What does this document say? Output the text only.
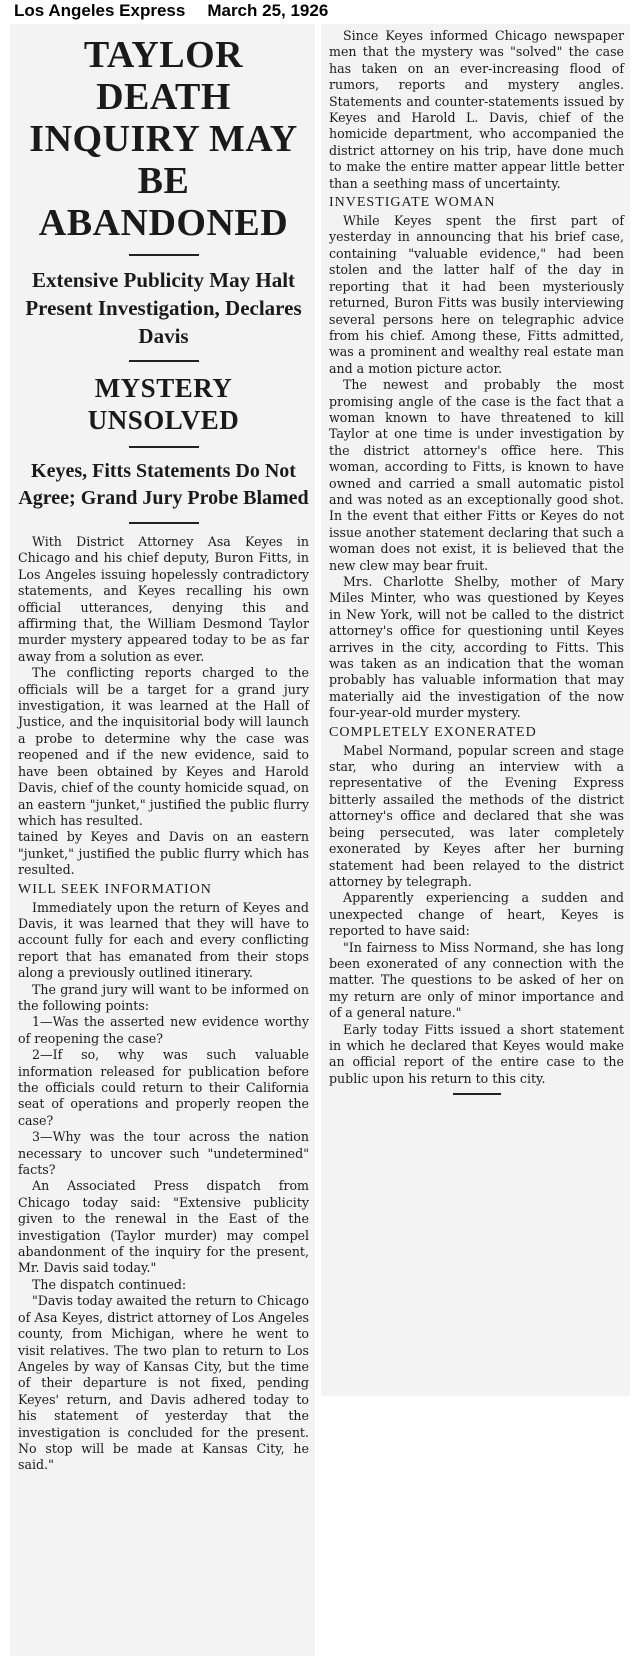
Los Angeles Express March 25, 1926
TAYLOR DEATH INQUIRY MAY BE ABANDONED
Extensive Publicity May Halt Present Investigation, Declares Davis
MYSTERY UNSOLVED
Keyes, Fitts Statements Do Not Agree; Grand Jury Probe Blamed

With District Attorney Asa Keyes in Chicago and his chief deputy, Buron Fitts, in Los Angeles issuing hopelessly contradictory statements, and Keyes recalling his own official utterances, denying this and affirming that, the William Desmond Taylor murder mystery appeared today to be as far away from a solution as ever.

The conflicting reports charged to the officials will be a target for a grand jury investigation, it was learned at the Hall of Justice, and the inquisitorial body will launch a probe to determine why the case was reopened and if the new evidence, said to have been obtained by Keyes and Harold Davis, chief of the county homicide squad, on an eastern "junket," justified the public flurry which has resulted.

tained by Keyes and Davis on an eastern "junket," justified the public flurry which has resulted.

WILL SEEK INFORMATION

Immediately upon the return of Keyes and Davis, it was learned that they will have to account fully for each and every conflicting report that has emanated from their stops along a previously outlined itinerary.

The grand jury will want to be informed on the following points:

1—Was the asserted new evidence worthy of reopening the case?

2—If so, why was such valuable information released for publication before the officials could return to their California seat of operations and properly reopen the case?

3—Why was the tour across the nation necessary to uncover such "undetermined" facts?

An Associated Press dispatch from Chicago today said: "Extensive publicity given to the renewal in the East of the investigation (Taylor murder) may compel abandonment of the inquiry for the present, Mr. Davis said today."

The dispatch continued:

"Davis today awaited the return to Chicago of Asa Keyes, district attorney of Los Angeles county, from Michigan, where he went to visit relatives. The two plan to return to Los Angeles by way of Kansas City, but the time of their departure is not fixed, pending Keyes' return, and Davis adhered today to his statement of yesterday that the investigation is concluded for the present. No stop will be made at Kansas City, he said."

Since Keyes informed Chicago newspaper men that the mystery was "solved" the case has taken on an ever-increasing flood of rumors, reports and mystery angles. Statements and counter-statements issued by Keyes and Harold L. Davis, chief of the homicide department, who accompanied the district attorney on his trip, have done much to make the entire matter appear little better than a seething mass of uncertainty.

INVESTIGATE WOMAN

While Keyes spent the first part of yesterday in announcing that his brief case, containing "valuable evidence," had been stolen and the latter half of the day in reporting that it had been mysteriously returned, Buron Fitts was busily interviewing several persons here on telegraphic advice from his chief. Among these, Fitts admitted, was a prominent and wealthy real estate man and a motion picture actor.

The newest and probably the most promising angle of the case is the fact that a woman known to have threatened to kill Taylor at one time is under investigation by the district attorney's office here. This woman, according to Fitts, is known to have owned and carried a small automatic pistol and was noted as an exceptionally good shot. In the event that either Fitts or Keyes do not issue another statement declaring that such a woman does not exist, it is believed that the new clew may bear fruit.

Mrs. Charlotte Shelby, mother of Mary Miles Minter, who was questioned by Keyes in New York, will not be called to the district attorney's office for questioning until Keyes arrives in the city, according to Fitts. This was taken as an indication that the woman probably has valuable information that may materially aid the investigation of the now four-year-old murder mystery.

COMPLETELY EXONERATED

Mabel Normand, popular screen and stage star, who during an interview with a representative of the Evening Express bitterly assailed the methods of the district attorney's office and declared that she was being persecuted, was later completely exonerated by Keyes after her burning statement had been relayed to the district attorney by telegraph.

Apparently experiencing a sudden and unexpected change of heart, Keyes is reported to have said:

"In fairness to Miss Normand, she has long been exonerated of any connection with the matter. The questions to be asked of her on my return are only of minor importance and of a general nature."

Early today Fitts issued a short statement in which he declared that Keyes would make an official report of the entire case to the public upon his return to this city.
